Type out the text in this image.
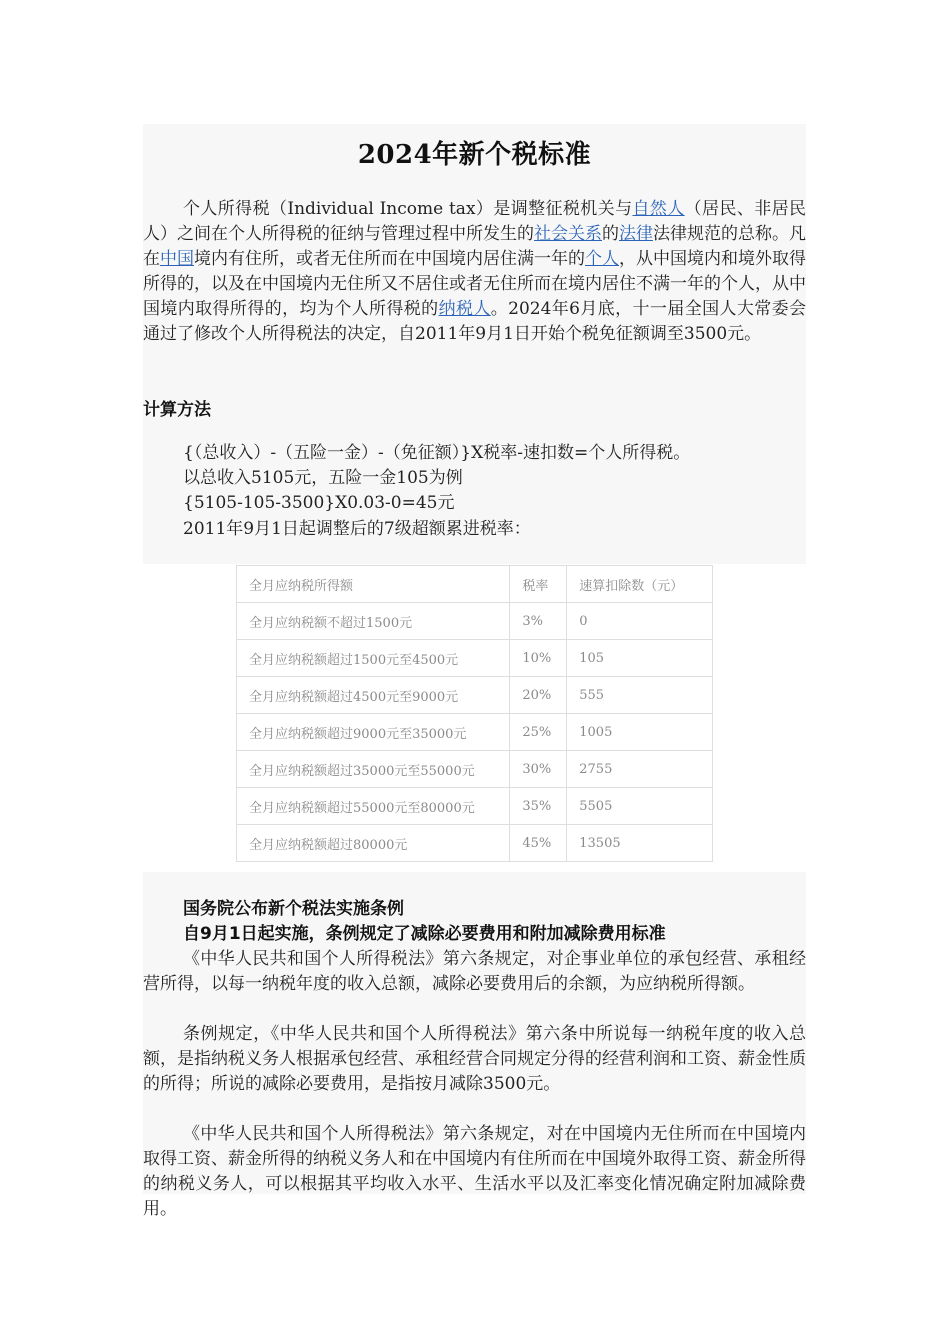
2024年新个税标准

个人所得税（Individual Income tax）是调整征税机关与自然人（居民、非居民人）之间在个人所得税的征纳与管理过程中所发生的社会关系的法律法律规范的总称。凡在中国境内有住所，或者无住所而在中国境内居住满一年的个人，从中国境内和境外取得所得的，以及在中国境内无住所又不居住或者无住所而在境内居住不满一年的个人，从中国境内取得所得的，均为个人所得税的纳税人。2024年6月底，十一届全国人大常委会通过了修改个人所得税法的决定，自2011年9月1日开始个税免征额调至3500元。

计算方法
{（总收入）-（五险一金）-（免征额）}X税率-速扣数=个人所得税。
以总收入5105元，五险一金105为例
{5105-105-3500}X0.03-0=45元
2011年9月1日起调整后的7级超额累进税率：
全月应纳税所得额	税率	速算扣除数（元）
全月应纳税额不超过1500元	3%	0
全月应纳税额超过1500元至4500元	10%	105
全月应纳税额超过4500元至9000元	20%	555
全月应纳税额超过9000元至35000元	25%	1005
全月应纳税额超过35000元至55000元	30%	2755
全月应纳税额超过55000元至80000元	35%	5505
全月应纳税额超过80000元	45%	13505
国务院公布新个税法实施条例
自9月1日起实施，条例规定了减除必要费用和附加减除费用标准

《中华人民共和国个人所得税法》第六条规定，对企事业单位的承包经营、承租经营所得，以每一纳税年度的收入总额，减除必要费用后的余额，为应纳税所得额。

条例规定，《中华人民共和国个人所得税法》第六条中所说每一纳税年度的收入总额，是指纳税义务人根据承包经营、承租经营合同规定分得的经营利润和工资、薪金性质的所得；所说的减除必要费用，是指按月减除3500元。

《中华人民共和国个人所得税法》第六条规定，对在中国境内无住所而在中国境内取得工资、薪金所得的纳税义务人和在中国境内有住所而在中国境外取得工资、薪金所得的纳税义务人，可以根据其平均收入水平、生活水平以及汇率变化情况确定附加减除费用。
